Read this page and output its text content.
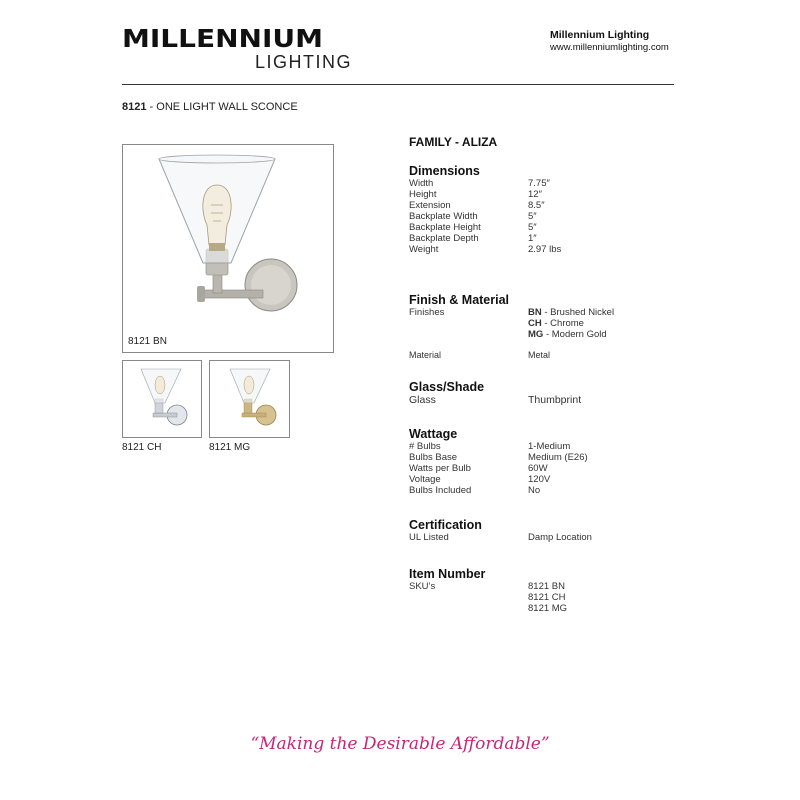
MILLENNIUM
LIGHTING
Millennium Lighting
www.millenniumlighting.com
8121 - ONE LIGHT WALL SCONCE
8121 BN
8121 CH	8121 MG
FAMILY - ALIZA
Dimensions
Width	7.75″
Height	12″
Extension	8.5″
Backplate Width	5″
Backplate Height	5″
Backplate Depth	1″
Weight	2.97 lbs
Finish & Material
Finishes	BN - Brushed Nickel
CH - Chrome
MG - Modern Gold
Material	Metal
Glass/Shade
Glass	Thumbprint
Wattage
# Bulbs	1-Medium
Bulbs Base	Medium (E26)
Watts per Bulb	60W
Voltage	120V
Bulbs Included	No
Certification
UL Listed	Damp Location
Item Number
SKU’s	8121 BN
8121 CH
8121 MG
“Making the Desirable Affordable”
